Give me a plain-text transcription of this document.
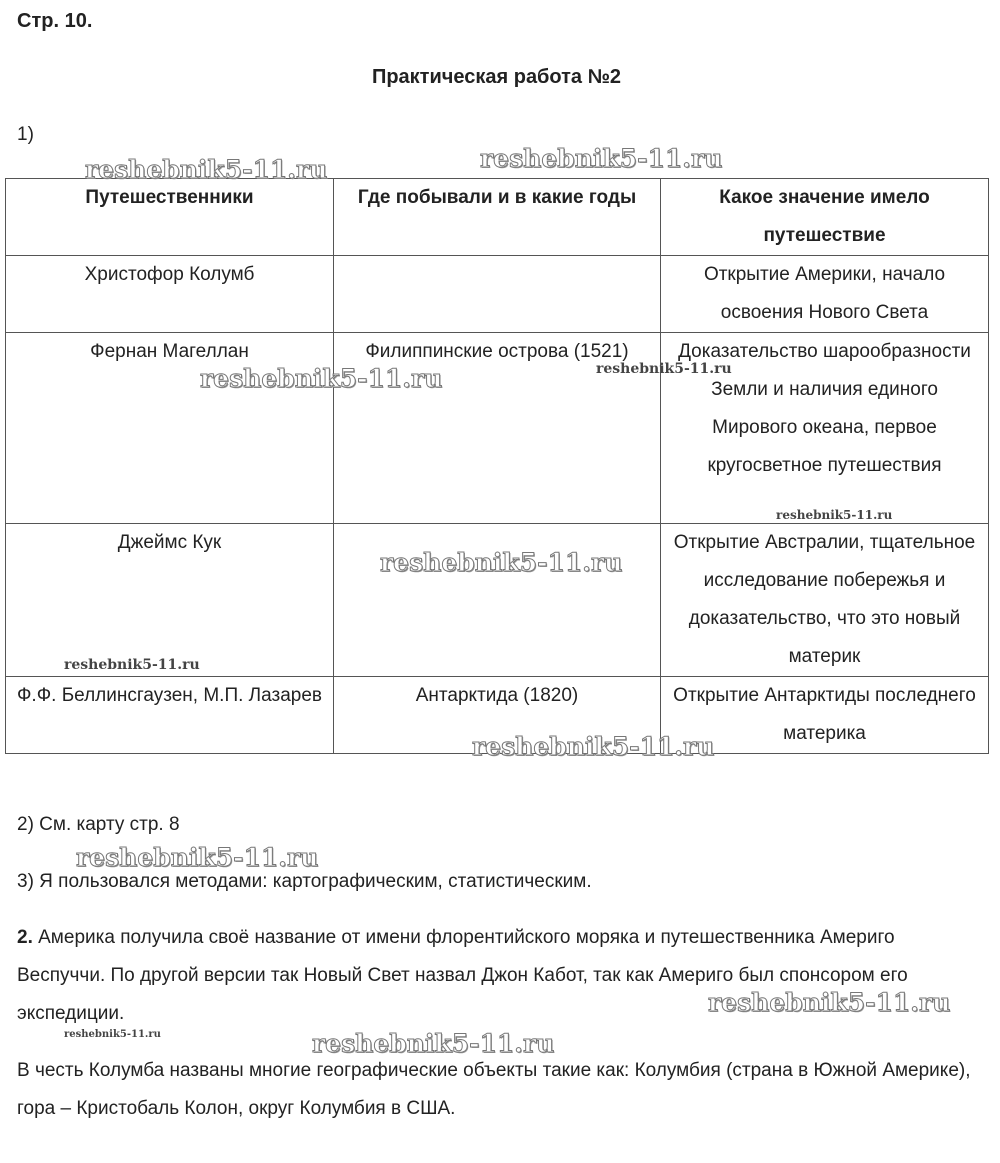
Стр. 10.
Практическая работа №2
1)
Путешественники	Где побывали и в какие годы	Какое значение имело путешествие
Христофор Колумб		Открытие Америки, начало освоения Нового Света
Фернан Магеллан	Филиппинские острова (1521)	Доказательство шарообразности Земли и наличия единого Мирового океана, первое кругосветное путешествия
Джеймс Кук		Открытие Австралии, тщательное исследование побережья и доказательство, что это новый материк
Ф.Ф. Беллинсгаузен, М.П. Лазарев	Антарктида (1820)	Открытие Антарктиды последнего материка
2) См. карту стр. 8
3) Я пользовался методами: картографическим, статистическим.
2. Америка получила своё название от имени флорентийского моряка и путешественника Америго Веспуччи. По другой версии так Новый Свет назвал Джон Кабот, так как Америго был спонсором его экспедиции.
В честь Колумба названы многие географические объекты такие как: Колумбия (страна в Южной Америке), гора – Кристобаль Колон, округ Колумбия в США.
reshebnik5-11.ru	reshebnik5-11.ru
reshebnik5-11.ru	reshebnik5-11.ru
reshebnik5-11.ru
reshebnik5-11.ru
reshebnik5-11.ru
reshebnik5-11.ru
reshebnik5-11.ru
reshebnik5-11.ru
reshebnik5-11.ru	reshebnik5-11.ru
